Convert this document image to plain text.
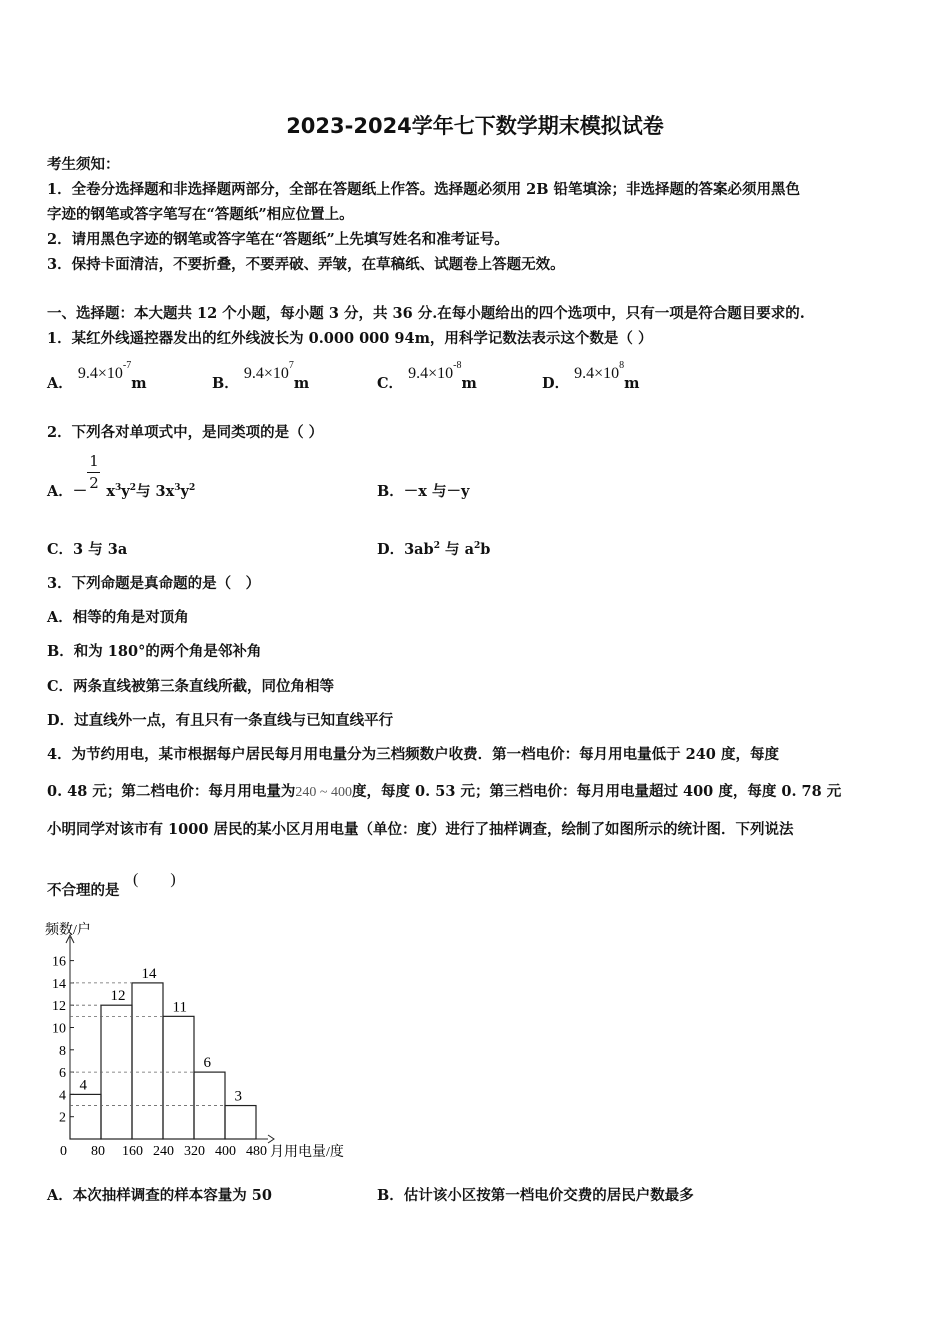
2023-2024学年七下数学期末模拟试卷
考生须知：
1．全卷分选择题和非选择题两部分，全部在答题纸上作答。选择题必须用 2B 铅笔填涂；非选择题的答案必须用黑色
字迹的钢笔或答字笔写在“答题纸”相应位置上。
2．请用黑色字迹的钢笔或答字笔在“答题纸”上先填写姓名和准考证号。
3．保持卡面清洁，不要折叠，不要弄破、弄皱，在草稿纸、试题卷上答题无效。
一、选择题：本大题共 12 个小题，每小题 3 分，共 36 分.在每小题给出的四个选项中，只有一项是符合题目要求的.
1．某红外线遥控器发出的红外线波长为 0.000 000 94m，用科学记数法表示这个数是（ ）
A． $9.4\times 10^{-7}m$	B． $9.4\times 10^7m$	C． $9.4\times 10^{-8}m$	D． $9.4\times 10^8m$
2．下列各对单项式中，是同类项的是（ ）
A．－ $\frac{1}{2} x^3y^2$与 $3x^3y^2$	B．－x 与－y
C．3 与 3a	D．$3ab^2$ 与 $a^2b$
3．下列命题是真命题的是（　）
A．相等的角是对顶角
B．和为 180°的两个角是邻补角
C．两条直线被第三条直线所截，同位角相等
D．过直线外一点，有且只有一条直线与已知直线平行
4．为节约用电，某市根据每户居民每月用电量分为三档频数户收费．第一档电价：每月用电量低于 240 度，每度
0. 48 元；第二档电价：每月用电量为240 ~ 400度，每度 0. 53 元；第三档电价：每月用电量超过 400 度，每度 0. 78 元
小明同学对该市有 1000 居民的某小区月用电量（单位：度）进行了抽样调查，绘制了如图所示的统计图．下列说法
不合理的是
(　　)
频数/户
月用电量/度
4
12
14
11
6
3
2
4
6
8
10
12
14
16
0 80 160 240 320 400 480
A．本次抽样调查的样本容量为 50	B．估计该小区按第一档电价交费的居民户数最多
